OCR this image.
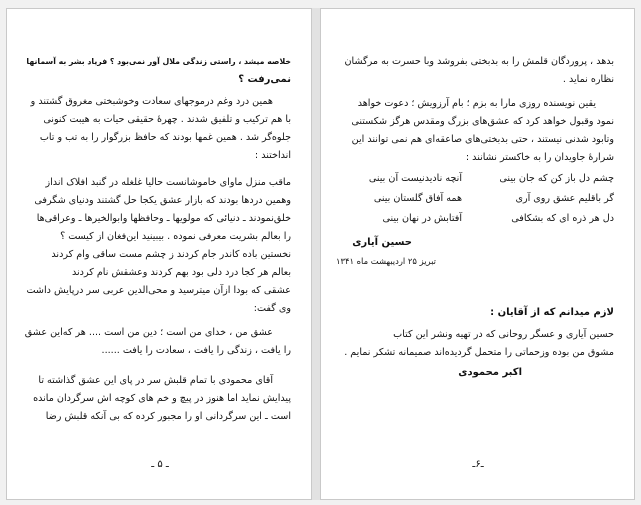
خلاصه میشد ، راستی زندگی ملال آور نمی‌بود ؟ فریاد بشر به آسمانها
نمی‌رفت ؟
همین درد وغم درموجهای سعادت وخوشبختی مغروق گشتند و
با هم ترکیب و تلفیق شدند . چهرهٔ حقیقی حیات به هیبت کنونی
جلوه‌گر شد . همین غمها بودند که حافظ بزرگوار را به تب و تاب
انداختند :
ماقب منزل ماوای خاموشانست حالیا غلغله در گنبد افلاک انداز
وهمین دردها بودند که بازار عشق یکجا حل گشتند ودنیای شگرفی
خلق‌نمودند ـ دنیائی که مولویها ـ وحافظها وابوالخیرها ـ وعراقی‌ها
را بعالم بشریت معرفی نموده . بیبینید این‌فغان از کیست ؟
نخستین باده کاندر جام کردند ز چشم مست ساقی وام کردند
بعالم هر کجا درد دلی بود بهم کردند وعشقش نام کردند
عشقی که بودا ازآن میترسید و محی‌الدین عربی سر درپایش داشت
وی گفت:
عشق من ، خدای من است ؛ دین من است .... هر که‌این عشق
را یافت ، زندگی را یافت ، سعادت را یافت ......
آقای محمودی با تمام قلبش سر در پای این عشق گذاشته تا
پیدایش نماید اما هنوز در پیچ و خم های کوچه اش سرگردان مانده
است ـ این سرگردانی او را مجبور کرده که بی آنکه قلبش رضا
ـ ۵ ـ
بدهد ، پرورد‌گان قلمش را به بدبختی بفروشد وبا حسرت به مرگشان
نظاره نماید .
یقین نویسنده روزی مارا به بزم ؛ بام آرزویش ؛ دعوت خواهد
نمود وقبول خواهد کرد که عشق‌های بزرگ ومقدس هرگز شکستنی
وتابود شدنی نیستند ، حتی بدبختی‌های صاعقه‌ای هم نمی توانند این
شرارهٔ جاویدان را به خاکستر نشانند :
چشم دل باز کن که جان بینی
آنچه نادیدنیست آن بینی
گر باقلیم عشق روی آری
همه آفاق گلستان بینی
دل هر ذره ای که بشکافی
آفتابش در نهان بینی
حسین آیاری
تبریز ۲۵ اردیبهشت ماه ۱۳۴۱
لازم میدانم که از آقایان :
حسین آیاری و عسگر روحانی که در تهیه ونشر این کتاب
مشوق من بوده وزحماتی را متحمل گردیده‌اند صمیمانه تشکر نمایم .
اکبر محمودی
ـ۶ـ
